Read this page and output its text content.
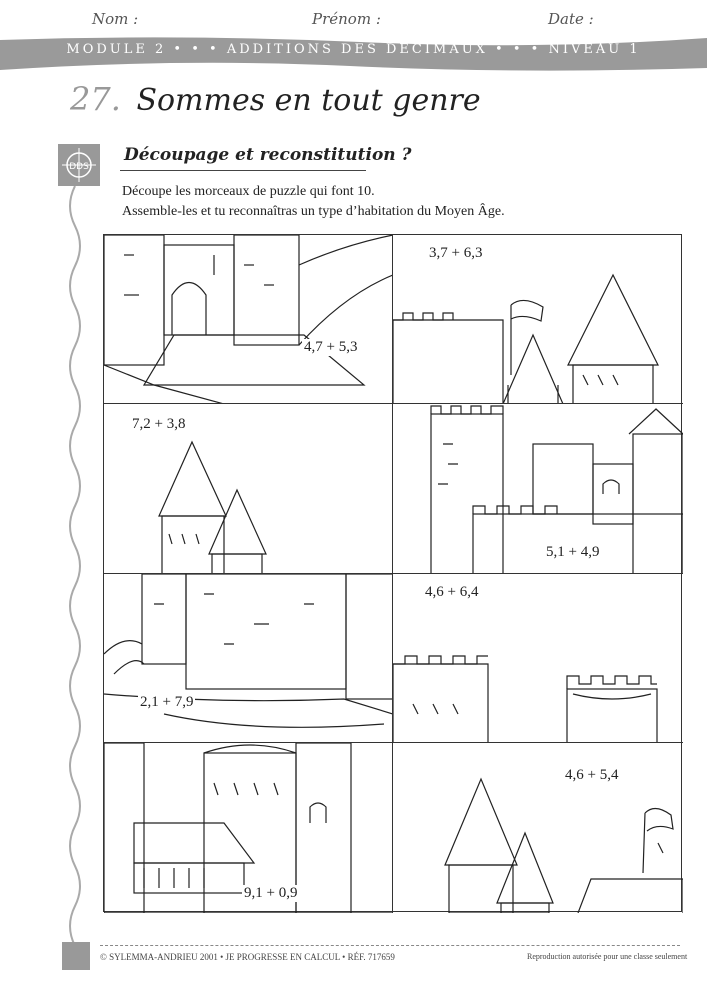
Nom :	Prénom :	Date :
MODULE 2 • • • ADDITIONS DES DÉCIMAUX • • • NIVEAU 1
27. Sommes en tout genre
DDS
Découpage et reconstitution ?
Découpe les morceaux de puzzle qui font 10.
Assemble-les et tu reconnaîtras un type d’habitation du Moyen Âge.
4,7 + 5,3
3,7 + 6,3
7,2 + 3,8
5,1 + 4,9
2,1 + 7,9
4,6 + 6,4
9,1 + 0,9
4,6 + 5,4
© SYLEMMA-ANDRIEU 2001 • JE PROGRESSE EN CALCUL • RÉF. 717659	Reproduction autorisée pour une classe seulement
